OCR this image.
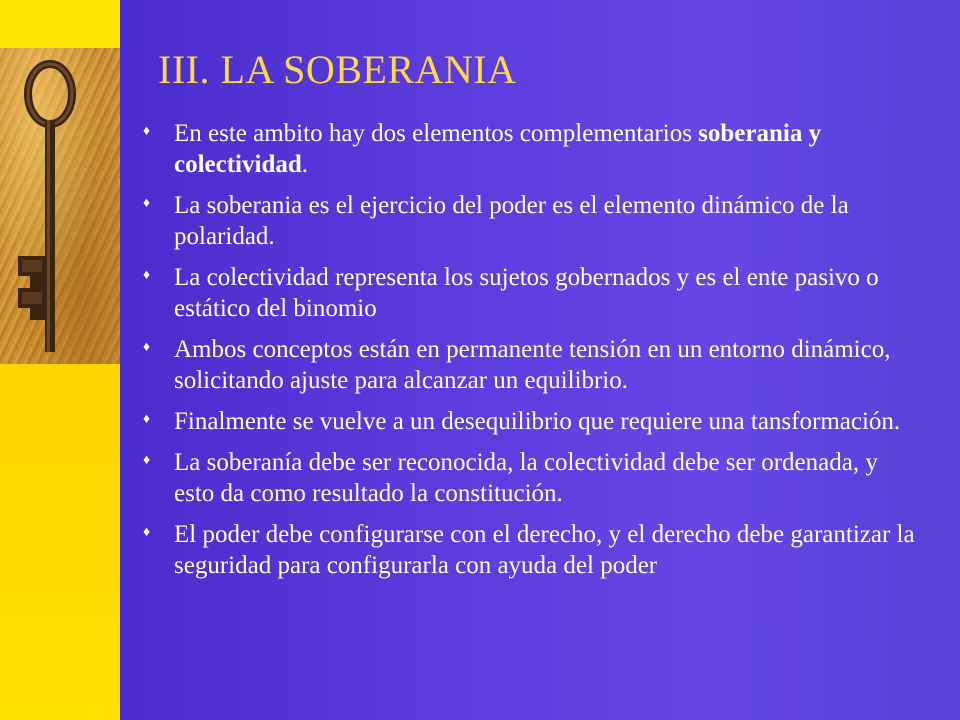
III. LA SOBERANIA
♦ En este ambito hay dos elementos complementarios soberania y colectividad.
♦ La soberania es el ejercicio del poder es el elemento dinámico de la polaridad.
♦ La colectividad representa los sujetos gobernados y es el ente pasivo o estático del binomio
♦ Ambos conceptos están en permanente tensión en un entorno dinámico, solicitando ajuste para alcanzar un equilibrio.
♦ Finalmente se vuelve a un desequilibrio que requiere una tansformación.
♦ La soberanía debe ser reconocida, la colectividad debe ser ordenada, y esto da como resultado la constitución.
♦ El poder debe configurarse con el derecho, y el derecho debe garantizar la seguridad para configurarla con ayuda del poder
